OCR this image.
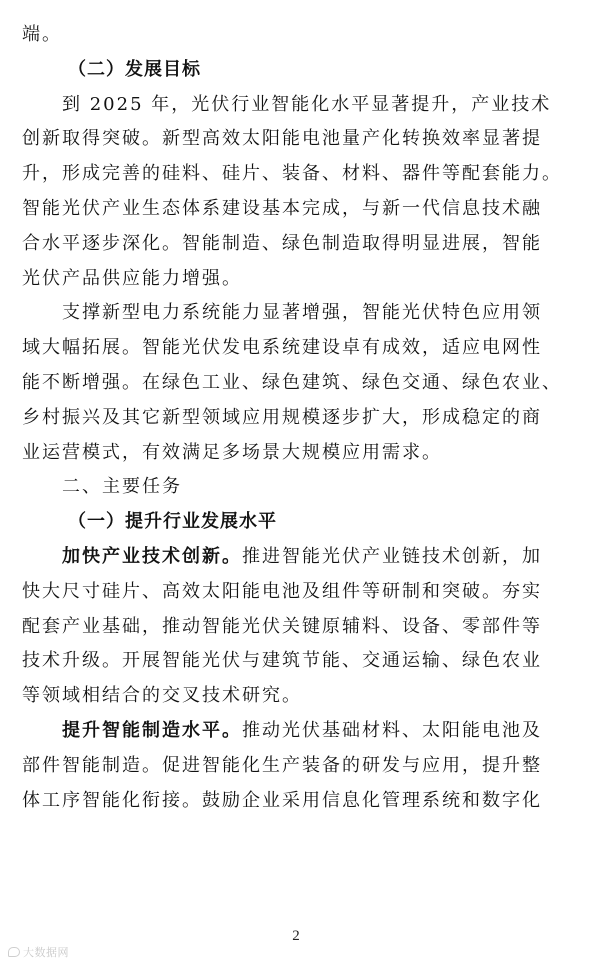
端。
（二）发展目标
到 2025 年，光伏行业智能化水平显著提升，产业技术
创新取得突破。新型高效太阳能电池量产化转换效率显著提
升，形成完善的硅料、硅片、装备、材料、器件等配套能力。
智能光伏产业生态体系建设基本完成，与新一代信息技术融
合水平逐步深化。智能制造、绿色制造取得明显进展，智能
光伏产品供应能力增强。
支撑新型电力系统能力显著增强，智能光伏特色应用领
域大幅拓展。智能光伏发电系统建设卓有成效，适应电网性
能不断增强。在绿色工业、绿色建筑、绿色交通、绿色农业、
乡村振兴及其它新型领域应用规模逐步扩大，形成稳定的商
业运营模式，有效满足多场景大规模应用需求。
二、主要任务
（一）提升行业发展水平
加快产业技术创新。推进智能光伏产业链技术创新，加
快大尺寸硅片、高效太阳能电池及组件等研制和突破。夯实
配套产业基础，推动智能光伏关键原辅料、设备、零部件等
技术升级。开展智能光伏与建筑节能、交通运输、绿色农业
等领域相结合的交叉技术研究。
提升智能制造水平。推动光伏基础材料、太阳能电池及
部件智能制造。促进智能化生产装备的研发与应用，提升整
体工序智能化衔接。鼓励企业采用信息化管理系统和数字化
2
大数据网
